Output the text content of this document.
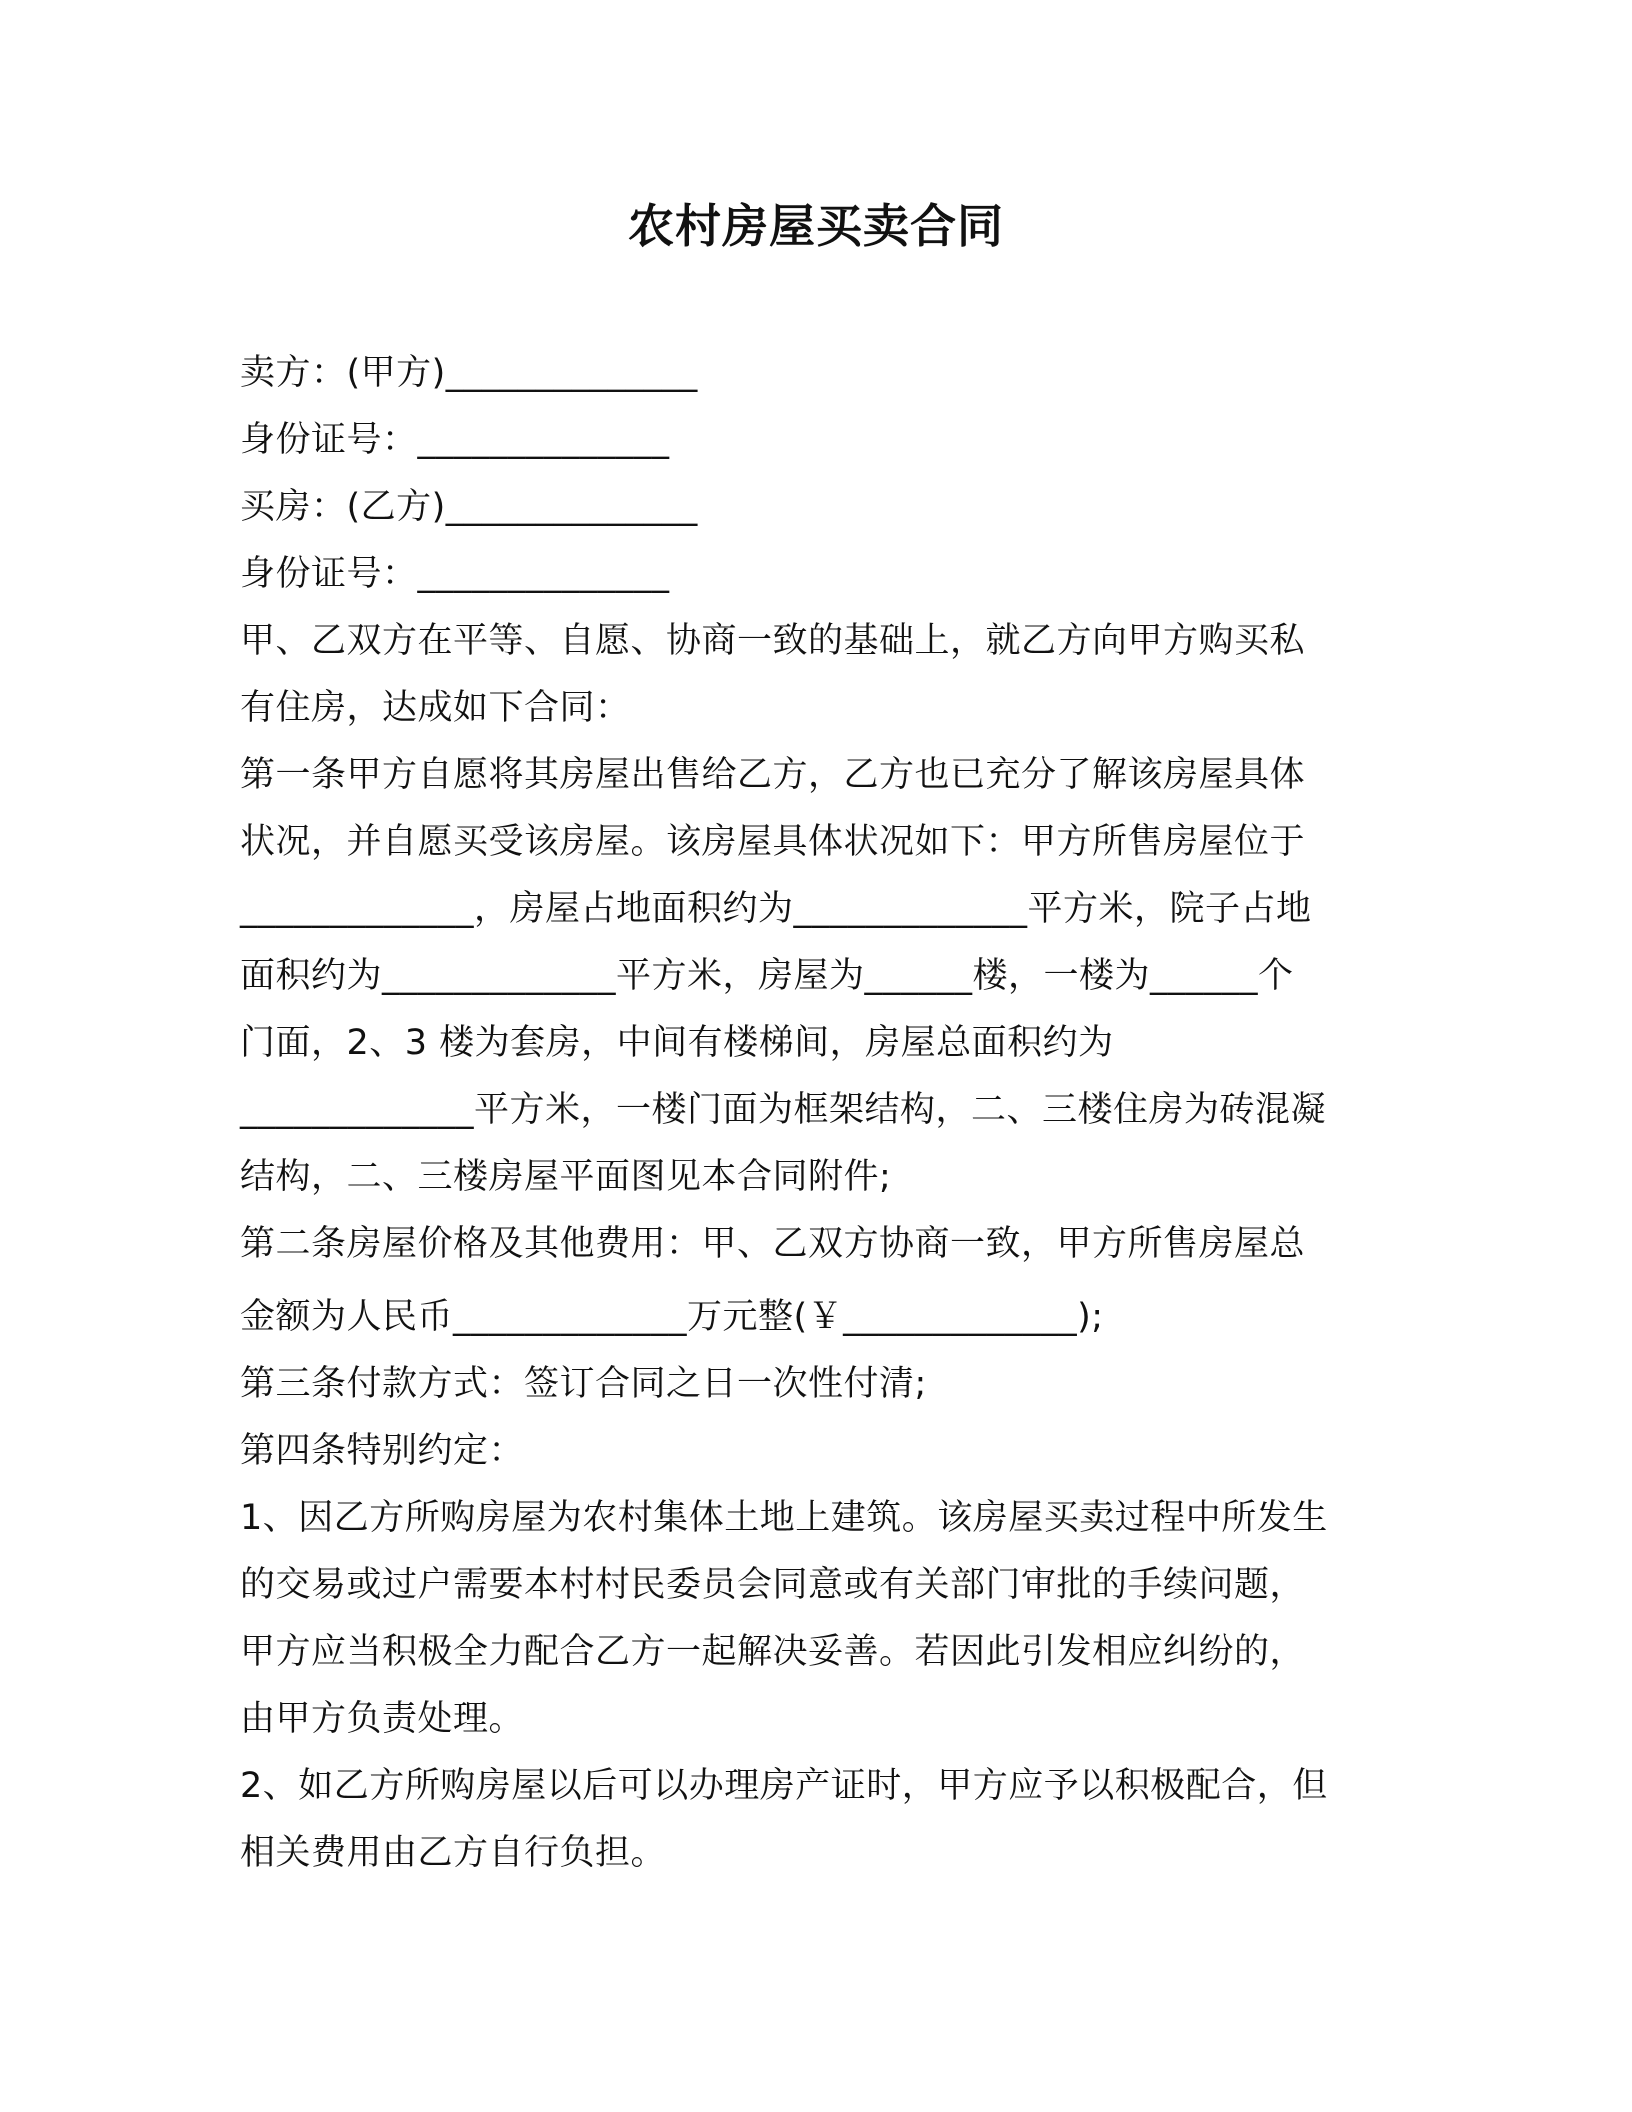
农村房屋买卖合同
卖方：(甲方)______________
身份证号：______________
买房：(乙方)______________
身份证号：______________
甲、乙双方在平等、自愿、协商一致的基础上，就乙方向甲方购买私
有住房，达成如下合同：
第一条甲方自愿将其房屋出售给乙方，乙方也已充分了解该房屋具体
状况，并自愿买受该房屋。该房屋具体状况如下：甲方所售房屋位于
_____________，房屋占地面积约为_____________平方米，院子占地
面积约为_____________平方米，房屋为______楼，一楼为______个
门面，2、3 楼为套房，中间有楼梯间，房屋总面积约为
_____________平方米，一楼门面为框架结构，二、三楼住房为砖混凝
结构，二、三楼房屋平面图见本合同附件;
第二条房屋价格及其他费用：甲、乙双方协商一致，甲方所售房屋总
金额为人民币_____________万元整(￥_____________);
第三条付款方式：签订合同之日一次性付清;
第四条特别约定：
1、因乙方所购房屋为农村集体土地上建筑。该房屋买卖过程中所发生
的交易或过户需要本村村民委员会同意或有关部门审批的手续问题，
甲方应当积极全力配合乙方一起解决妥善。若因此引发相应纠纷的，
由甲方负责处理。
2、如乙方所购房屋以后可以办理房产证时，甲方应予以积极配合，但
相关费用由乙方自行负担。
